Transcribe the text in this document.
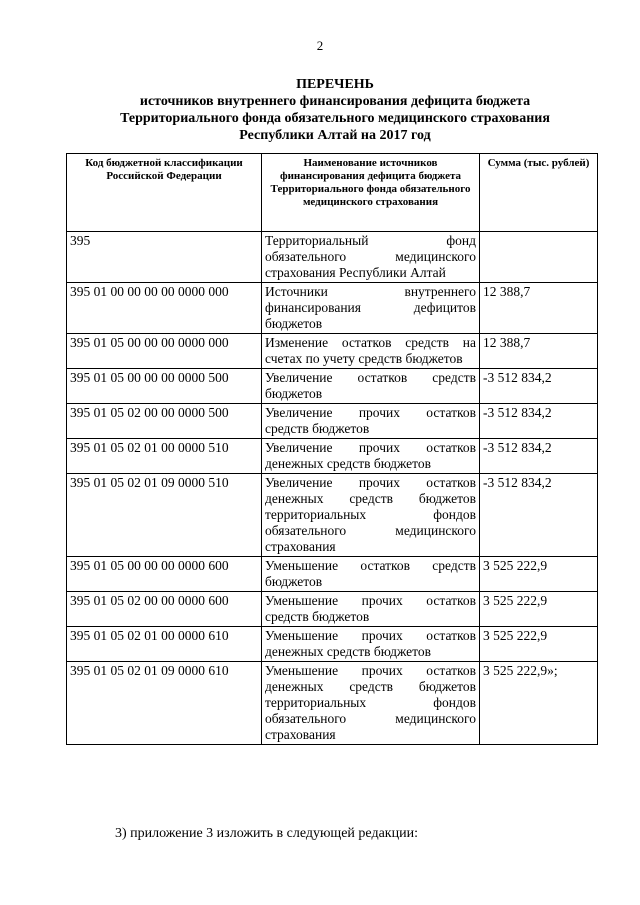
2
ПЕРЕЧЕНЬ
источников внутреннего финансирования дефицита бюджета
Территориального фонда обязательного медицинского страхования
Республики Алтай на 2017 год
Код бюджетной классификации Российской Федерации	Наименование источников финансирования дефицита бюджета Территориального фонда обязательного медицинского страхования	Сумма (тыс. рублей)
395	Территориальный фонд обязательного медицинского страхования Республики Алтай	
395 01 00 00 00 00 0000 000	Источники внутреннего финансирования дефицитов бюджетов	12 388,7
395 01 05 00 00 00 0000 000	Изменение остатков средств на счетах по учету средств бюджетов	12 388,7
395 01 05 00 00 00 0000 500	Увеличение остатков средств бюджетов	-3 512 834,2
395 01 05 02 00 00 0000 500	Увеличение прочих остатков средств бюджетов	-3 512 834,2
395 01 05 02 01 00 0000 510	Увеличение прочих остатков денежных средств бюджетов	-3 512 834,2
395 01 05 02 01 09 0000 510	Увеличение прочих остатков денежных средств бюджетов территориальных фондов обязательного медицинского страхования	-3 512 834,2
395 01 05 00 00 00 0000 600	Уменьшение остатков средств бюджетов	3 525 222,9
395 01 05 02 00 00 0000 600	Уменьшение прочих остатков средств бюджетов	3 525 222,9
395 01 05 02 01 00 0000 610	Уменьшение прочих остатков денежных средств бюджетов	3 525 222,9
395 01 05 02 01 09 0000 610	Уменьшение прочих остатков денежных средств бюджетов территориальных фондов обязательного медицинского страхования	3 525 222,9»;
3) приложение 3 изложить в следующей редакции:
